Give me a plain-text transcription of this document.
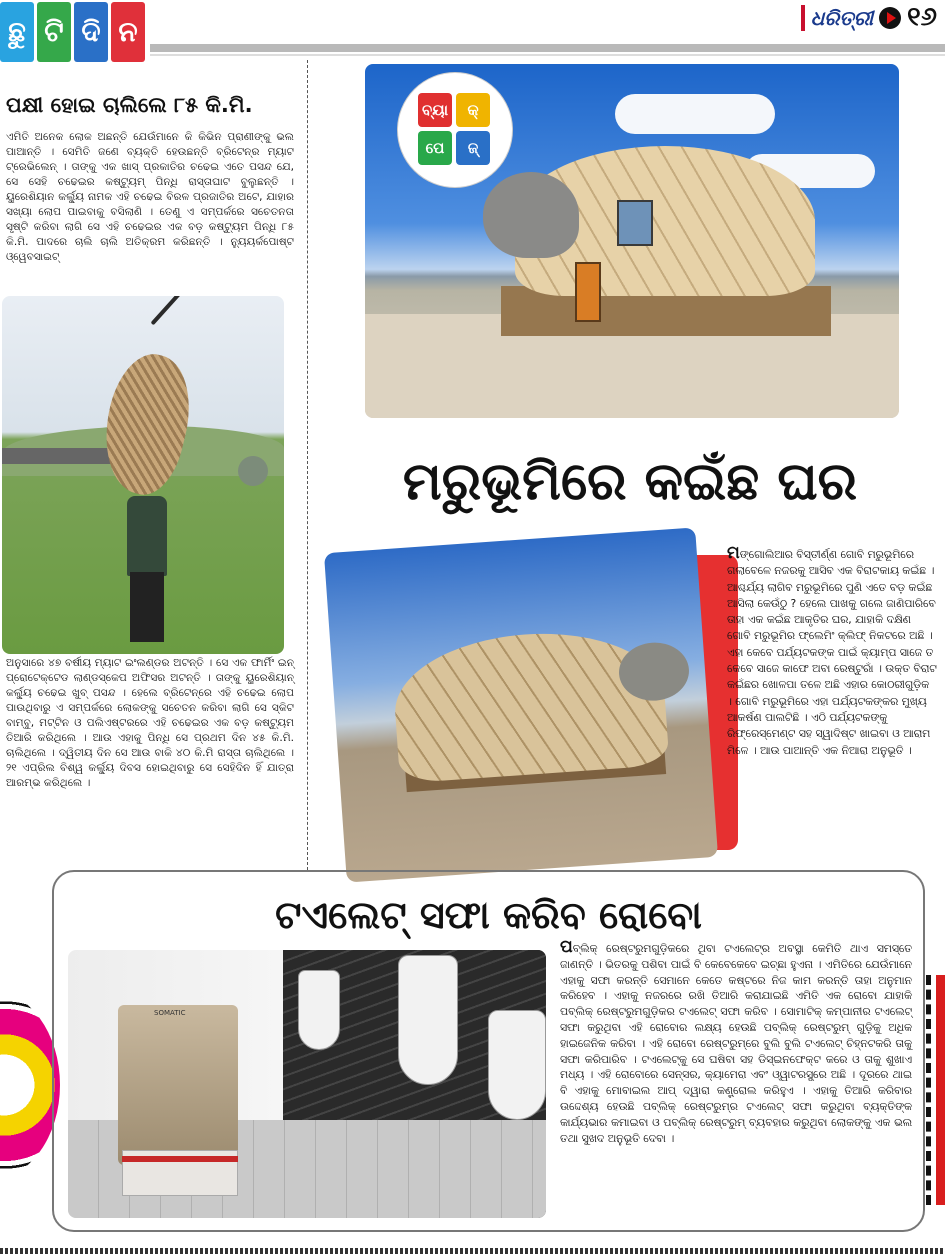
ଛୁ ଟି ଦି ନ	ଧରିତ୍ରୀ ୧୬
ପକ୍ଷୀ ହୋଇ ଚାଲିଲେ ୮୫ କି.ମି.

ଏମିତି ଅନେକ ଲୋକ ଅଛନ୍ତି ଯେଉଁମାନେ କି କିଭିନ ପ୍ରାଣୀଙ୍କୁ ଭଲ ପାଆନ୍ତି । ସେମିତି ଜଣେ ବ୍ୟକ୍ତି ହେଉଛନ୍ତି ବ୍ରିଟେନ୍‌ର ମ୍ୟାଟ ଟ୍ରେଭିଲେନ୍ । ତାଙ୍କୁ ଏକ ଖାସ୍ ପ୍ରକାତିର ଚଢେଇ ଏତେ ପସନ୍ଦ ଯେ, ସେ ସେହି ଚଢେଇର କଷ୍ଟ୍ୟୁମ୍ ପିନ୍ଧି ରାସ୍ତାଘାଟ ବୁଲୁଛନ୍ତି । ୟୁରେଶିୟାନ କର୍ଲ୍ୟୁ ନାମକ ଏହି ଚଢେଇ ବିରଳ ପ୍ରଜାତିର ଅଟେ, ଯାହାର ସଖ୍ୟା ଲୋପ ପାଇବାକୁ ବସିଲାଣି । ତେଣୁ ଏ ସମ୍ପର୍କରେ ସଚେତନତା ସୃଷ୍ଟି କରିବା ଲାଗି ସେ ଏହି ଚଢେଇର ଏକ ବଡ଼ କଷ୍ଟ୍ୟୁମ ପିନ୍ଧି ୮୫ କି.ମି. ପାଦରେ ଚାଲି ଚାଲି ଅତିକ୍ରମ କରିଛନ୍ତି । ନ୍ୟୁୟର୍କପୋଷ୍ଟ ଓ୍ୱେବସାଇଟ୍

ଅନୁସାରେ ୪୭ ବର୍ଷୀୟ ମ୍ୟାଟ ଇଂଲଣ୍ଡର ଅଟନ୍ତି । ସେ ଏକ ଫାର୍ମିଂ ଇନ୍ ପ୍ରୋଟେକ୍ଟେଡ ଲାଣ୍ଡସ୍କେପ ଅଫିସର ଅଟନ୍ତି । ତାଙ୍କୁ ୟୁରେଶିୟାନ୍ କର୍ଲ୍ୟୁ ଚଢେଇ ଖୁବ୍ ପସନ୍ଦ । ହେଲେ ବ୍ରିଟେନ୍‌ରେ ଏହି ଚଢେଇ ଲୋପ ପାଉଥିବାରୁ ଏ ସମ୍ପର୍କରେ ଲୋକଙ୍କୁ ସଚେତନ କରିବା ଲାଗି ସେ ସ୍କିଟ ବାମ୍ବୁ, ମଟ୍ଟିନ ଓ ପଲିଏଷ୍ଟରରେ ଏହି ଚଢେଇର ଏକ ବଡ଼ କଷ୍ଟ୍ୟୁମ ତିଆରି କରିଥିଲେ । ଆଉ ଏହାକୁ ପିନ୍ଧି ସେ ପ୍ରଥମ ଦିନ ୪୫ କି.ମି. ଚାଲିଥିଲେ । ଦ୍ୱିତୀୟ ଦିନ ସେ ଆଉ ବାକି ୪୦ କି.ମି ରାସ୍ତା ଚାଲିଥିଲେ । ୨୧ ଏପ୍ରିଲ ବିଶ୍ୱ କର୍ଲ୍ୟୁ ଦିବସ ହୋଇଥିବାରୁ ସେ ସେହିଦିନ ହିଁ ଯାତ୍ରା ଆରମ୍ଭ କରିଥିଲେ ।

ବ୍ୟା	କ୍
ପେ	ଜ୍
ମରୁଭୂମିରେ କଇଁଛ ଘର
ମଙ୍ଗୋଲିଆର ବିସ୍ତୀର୍ଣ୍ଣ ଗୋବି ମରୁଭୂମିରେ ଗଲାବେଳେ ନଜରକୁ ଆସିବ ଏକ ବିରାଟକାୟ କଇଁଛ । ଆଶ୍ଚର୍ଯ୍ୟ ଲାଗିବ ମରୁଭୂମିରେ ପୁଣି ଏତେ ବଡ଼ କଇଁଛ ଆସିଲା କେଉଁଠୁ ? ହେଲେ ପାଖକୁ ଗଲେ ଜାଣିପାରିବେ ତାହା ଏକ କଇଁଛ ଆକୃତିର ଘର, ଯାହାକି ଦକ୍ଷିଣ ଗୋବି ମରୁଭୂମିର ଫ୍ଲେମିଂ କ୍ଲିଫ୍ ନିକଟରେ ଅଛି । ଏହା କେବେ ପର୍ଯ୍ୟଟକଙ୍କ ପାଇଁ କ୍ୟାମ୍ପ ସାଜେ ତ କେବେ ସାଜେ କାଫେ ଅବା ରେଷ୍ଟୁରାଁ । ଉକ୍ତ ବିରାଟ କଇଁଛର ଖୋଳପା ତଳେ ଅଛି ଏହାର କୋଠରୀଗୁଡ଼ିକ । ଗୋବି ମରୁଭୂମିରେ ଏହା ପର୍ଯ୍ୟଟକଙ୍କର ମୁଖ୍ୟ ଆକର୍ଷଣ ପାଲଟିଛି । ଏଠି ପର୍ଯ୍ୟଟକଙ୍କୁ ରିଫ୍ରେସ୍‌ମେଣ୍ଟ ସହ ସ୍ୱାଦିଷ୍ଟ ଖାଇବା ଓ ଆରାମ ମିଳେ । ଆଉ ପାଆନ୍ତି ଏକ ନିଆରା ଅନୁଭୂତି ।
ଟଏଲେଟ୍ ସଫା କରିବ ରୋବୋ
SOMATIC
ପବ୍ଲିକ୍ ରେଷ୍ଟରୁମଗୁଡ଼ିକରେ ଥିବା ଟଏଲେଟ୍‌ର ଅବସ୍ଥା କେମିତି ଥାଏ ସମସ୍ତେ ଜାଣନ୍ତି । ଭିତରକୁ ପଶିବା ପାଇଁ ବି କେବେକେବେ ଇଚ୍ଛା ହୁଏନା । ଏମିତିରେ ଯେଉଁମାନେ ଏହାକୁ ସଫା କରନ୍ତି ସେମାନେ କେତେ କଷ୍ଟରେ ନିଜ କାମ କରନ୍ତି ତାହା ଅନୁମାନ କରିହେବ । ଏହାକୁ ନଜରରେ ରଖି ତିଆରି କରାଯାଇଛି ଏମିତି ଏକ ରୋବୋ ଯାହାକି ପବ୍ଲିକ୍ ରେଷ୍ଟରୁମଗୁଡ଼ିକର ଟଏଲେଟ୍ ସଫା କରିବ । ସୋମାଟିକ୍ କମ୍ପାନୀର ଟଏଲେଟ୍ ସଫା କରୁଥିବା ଏହି ରୋବୋର ଲକ୍ଷ୍ୟ ହେଉଛି ପବ୍ଲିକ୍ ରେଷ୍ଟରୁମ୍ ଗୁଡ଼ିକୁ ଅଧିକ ହାଇଜେନିକ କରିବା । ଏହି ରୋବୋ ରେଷ୍ଟରୁମ୍‌ରେ ବୁଲି ବୁଲି ଟଏଲେଟ୍ ଚିହ୍ନଟକରି ତାକୁ ସଫା କରିପାରିବ । ଟଏଲେଟ୍‌କୁ ସେ ଘଷିବା ସହ ଡିସ୍‌ଇନଫେକ୍ଟ କରେ ଓ ତାକୁ ଶୁଖାଏ ମଧ୍ୟ । ଏହି ରୋବୋରେ ସେନ୍ସର, କ୍ୟାମେରା ଏବଂ ଓ୍ୱାଟରସ୍ପ୍ରେ ଅଛି । ଦୂରରେ ଥାଇ ବି ଏହାକୁ ମୋବାଇଲ ଆପ୍ ଦ୍ୱାରା କଣ୍ଟ୍ରୋଲ କରିହୁଏ । ଏହାକୁ ତିଆରି କରିବାର ଉଦ୍ଦେଶ୍ୟ ହେଉଛି ପବ୍ଲିକ୍ ରେଷ୍ଟରୁମ୍‌ର ଟଏଲେଟ୍ ସଫା କରୁଥିବା ବ୍ୟକ୍ତିଙ୍କ କାର୍ଯ୍ୟଭାର କମାଇବା ଓ ପବ୍ଲିକ୍ ରେଷ୍ଟରୁମ୍ ବ୍ୟବହାର କରୁଥିବା ଲୋକଙ୍କୁ ଏକ ଭଲ ତଥା ସୁଖଦ ଅନୁଭୂତି ଦେବା ।
